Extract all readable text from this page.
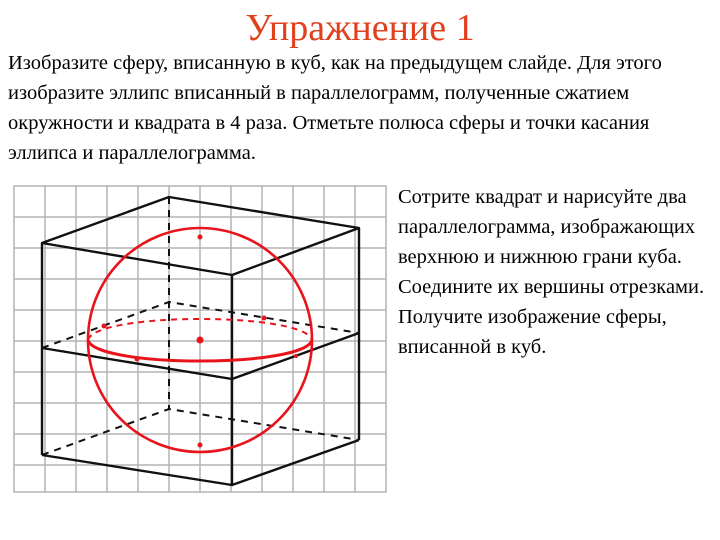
Упражнение 1
Изобразите сферу, вписанную в куб, как на предыдущем слайде. Для этого изобразите эллипс вписанный в параллелограмм, полученные сжатием окружности и квадрата в 4 раза. Отметьте полюса сферы и точки касания эллипса и параллелограмма.
Сотрите квадрат и нарисуйте два параллелограмма, изображающих верхнюю и нижнюю грани куба. Соедините их вершины отрезками. Получите изображение сферы, вписанной в куб.
